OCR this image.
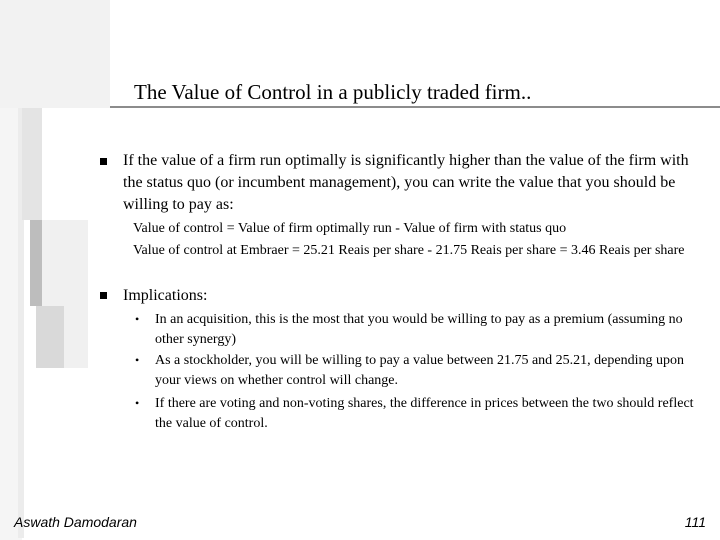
The Value of Control in a publicly traded firm..
If the value of a firm run optimally is significantly higher than the value of the firm with the status quo (or incumbent management), you can write the value that you should be willing to pay as:
Value of control = Value of firm optimally run - Value of firm with status quo
Value of control at Embraer = 25.21 Reais per share - 21.75 Reais per share = 3.46 Reais per share
Implications:
• In an acquisition, this is the most that you would be willing to pay as a premium (assuming no other synergy)
• As a stockholder, you will be willing to pay a value between 21.75 and 25.21, depending upon your views on whether control will change.
• If there are voting and non-voting shares, the difference in prices between the two should reflect the value of control.
Aswath Damodaran	111
